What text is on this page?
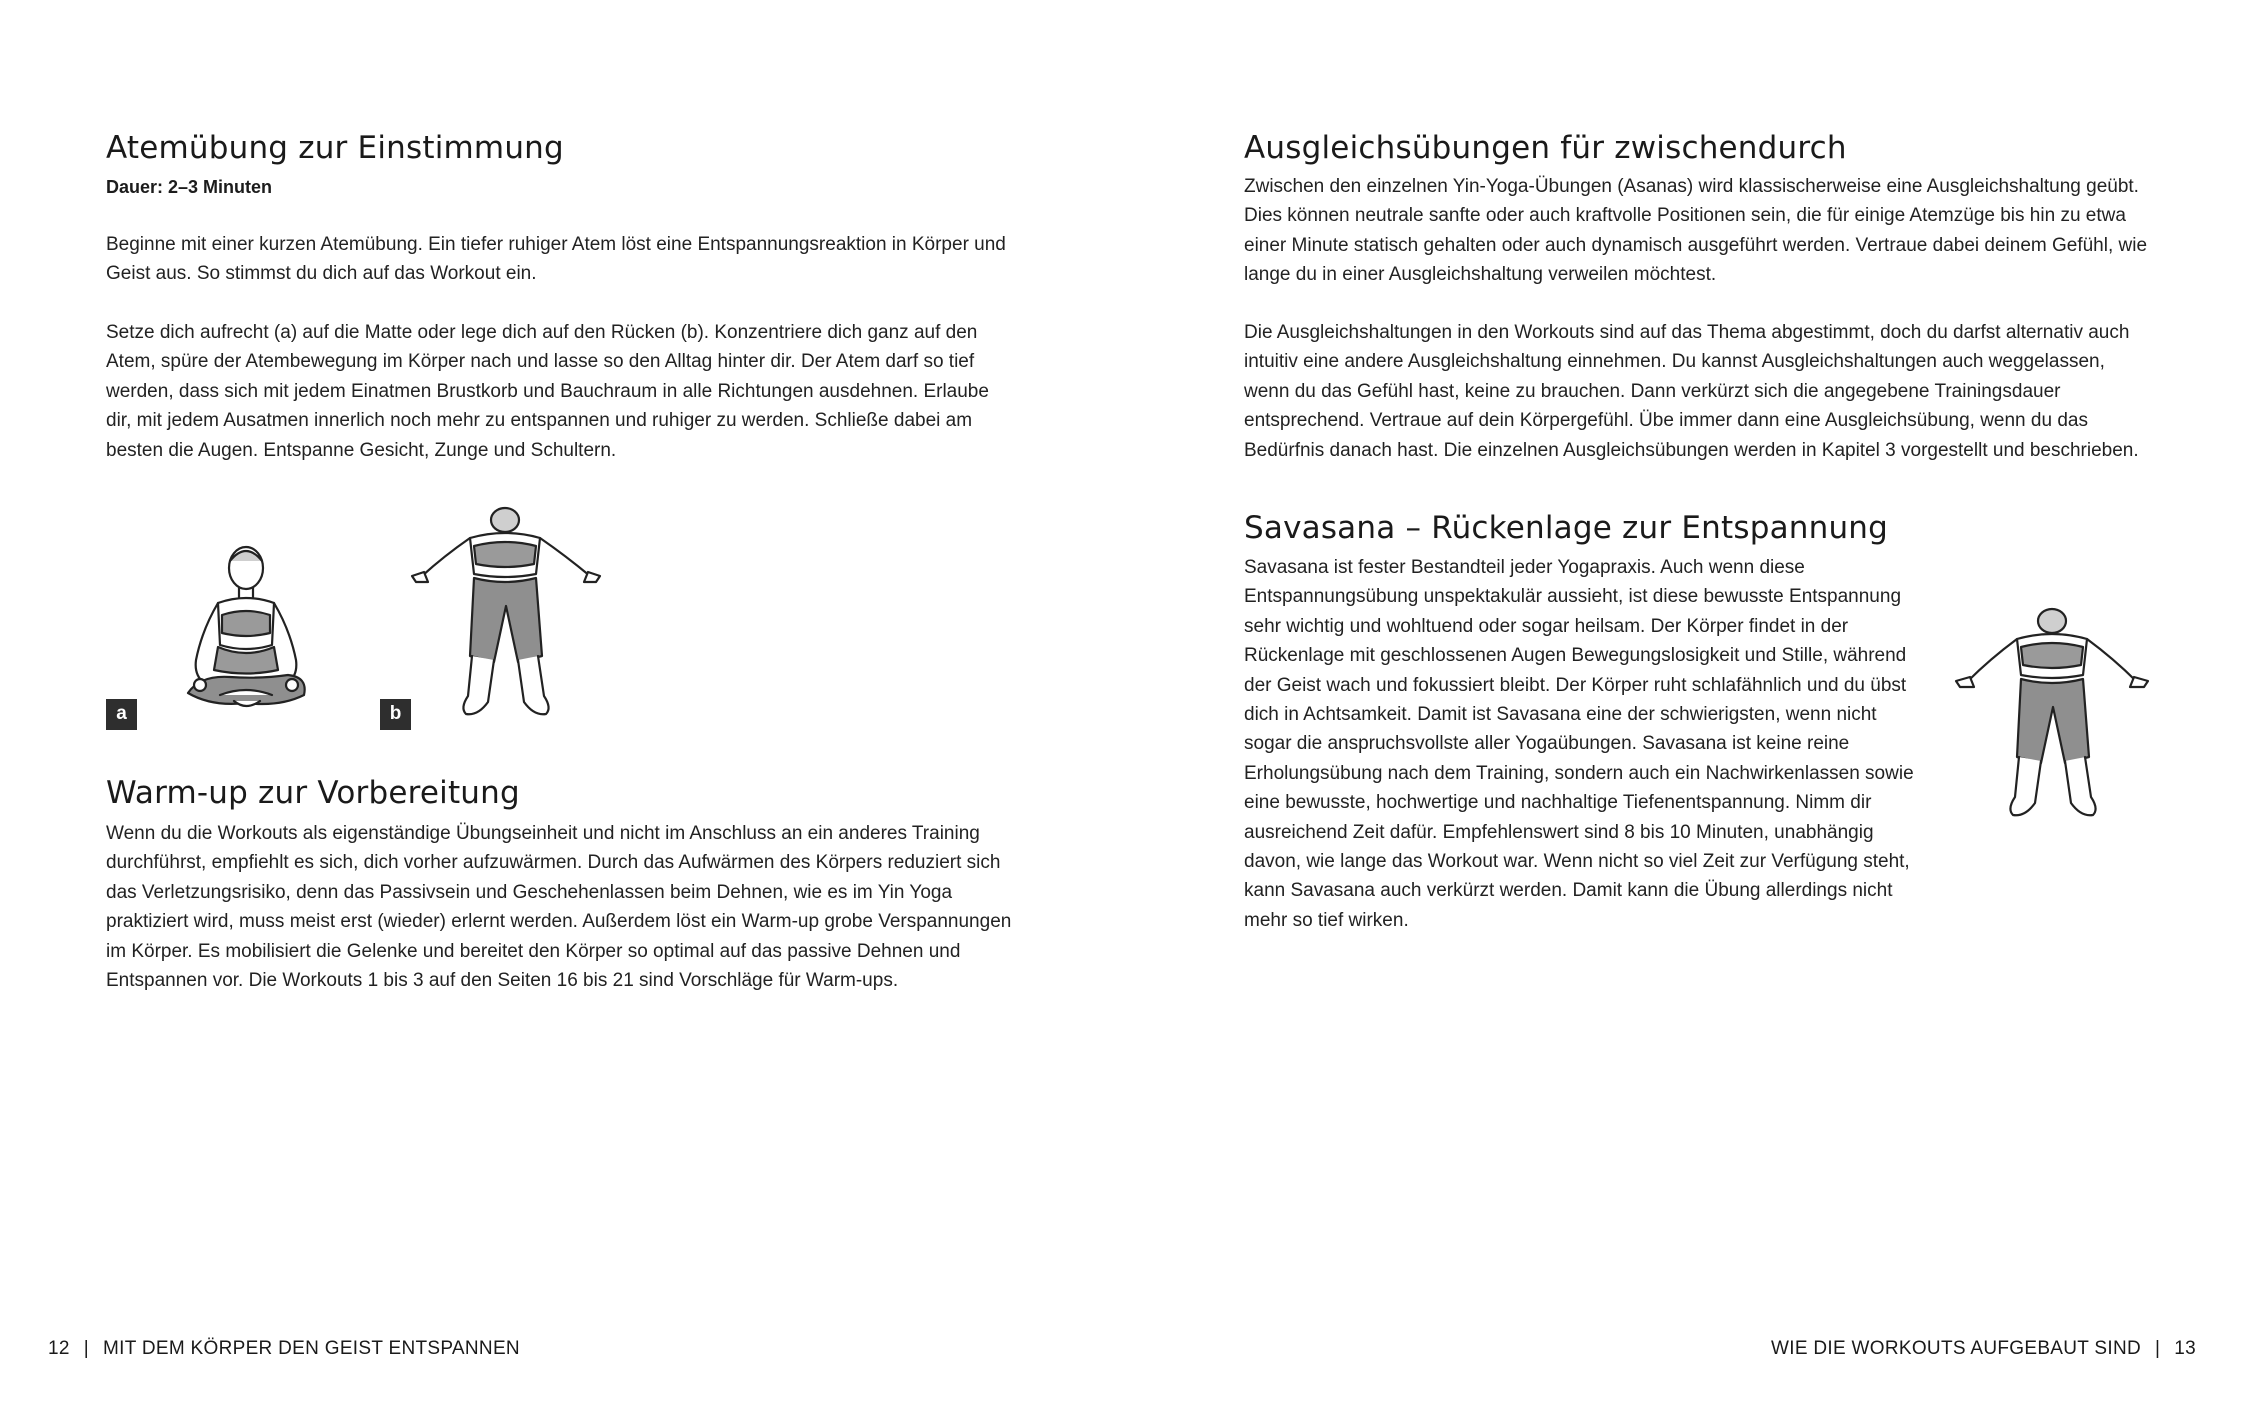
Atemübung zur Einstimmung

Dauer: 2–3 Minuten

Beginne mit einer kurzen Atemübung. Ein tiefer ruhiger Atem löst eine Entspannungsreaktion in Körper und Geist aus. So stimmst du dich auf das Workout ein.

Setze dich aufrecht (a) auf die Matte oder lege dich auf den Rücken (b). Konzentriere dich ganz auf den Atem, spüre der Atembewegung im Körper nach und lasse so den Alltag hinter dir. Der Atem darf so tief werden, dass sich mit jedem Einatmen Brustkorb und Bauchraum in alle Richtungen ausdehnen. Erlaube dir, mit jedem Ausatmen innerlich noch mehr zu entspannen und ruhiger zu werden. Schließe dabei am besten die Augen. Entspanne Gesicht, Zunge und Schultern.

a	b
Warm-up zur Vorbereitung

Wenn du die Workouts als eigenständige Übungseinheit und nicht im Anschluss an ein anderes Training durchführst, empfiehlt es sich, dich vorher aufzuwärmen. Durch das Aufwärmen des Körpers reduziert sich das Verletzungsrisiko, denn das Passivsein und Geschehenlassen beim Dehnen, wie es im Yin Yoga praktiziert wird, muss meist erst (wieder) erlernt werden. Außerdem löst ein Warm-up grobe Verspannungen im Körper. Es mobilisiert die Gelenke und bereitet den Körper so optimal auf das passive Dehnen und Entspannen vor. Die Workouts 1 bis 3 auf den Seiten 16 bis 21 sind Vorschläge für Warm-ups.

12 | MIT DEM KÖRPER DEN GEIST ENTSPANNEN
Ausgleichsübungen für zwischendurch

Zwischen den einzelnen Yin-Yoga-Übungen (Asanas) wird klassischerweise eine Ausgleichshaltung geübt. Dies können neutrale sanfte oder auch kraftvolle Positionen sein, die für einige Atemzüge bis hin zu etwa einer Minute statisch gehalten oder auch dynamisch ausgeführt werden. Vertraue dabei deinem Gefühl, wie lange du in einer Ausgleichshaltung verweilen möchtest.

Die Ausgleichshaltungen in den Workouts sind auf das Thema abgestimmt, doch du darfst alternativ auch intuitiv eine andere Ausgleichshaltung einnehmen. Du kannst Ausgleichshaltungen auch weggelassen, wenn du das Gefühl hast, keine zu brauchen. Dann verkürzt sich die angegebene Trainingsdauer entsprechend. Vertraue auf dein Körpergefühl. Übe immer dann eine Ausgleichsübung, wenn du das Bedürfnis danach hast. Die einzelnen Ausgleichsübungen werden in Kapitel 3 vorgestellt und beschrieben.

Savasana – Rückenlage zur Entspannung

Savasana ist fester Bestandteil jeder Yogapraxis. Auch wenn diese Entspannungsübung unspektakulär aussieht, ist diese bewusste Entspannung sehr wichtig und wohltuend oder sogar heilsam. Der Körper findet in der Rückenlage mit geschlossenen Augen Bewegungslosigkeit und Stille, während der Geist wach und fokussiert bleibt. Der Körper ruht schlafähnlich und du übst dich in Achtsamkeit. Damit ist Savasana eine der schwierigsten, wenn nicht sogar die anspruchsvollste aller Yogaübungen. Savasana ist keine reine Erholungsübung nach dem Training, sondern auch ein Nachwirkenlassen sowie eine bewusste, hochwertige und nachhaltige Tiefenentspannung. Nimm dir ausreichend Zeit dafür. Empfehlenswert sind 8 bis 10 Minuten, unabhängig davon, wie lange das Workout war. Wenn nicht so viel Zeit zur Verfügung steht, kann Savasana auch verkürzt werden. Damit kann die Übung allerdings nicht mehr so tief wirken.

WIE DIE WORKOUTS AUFGEBAUT SIND | 13
